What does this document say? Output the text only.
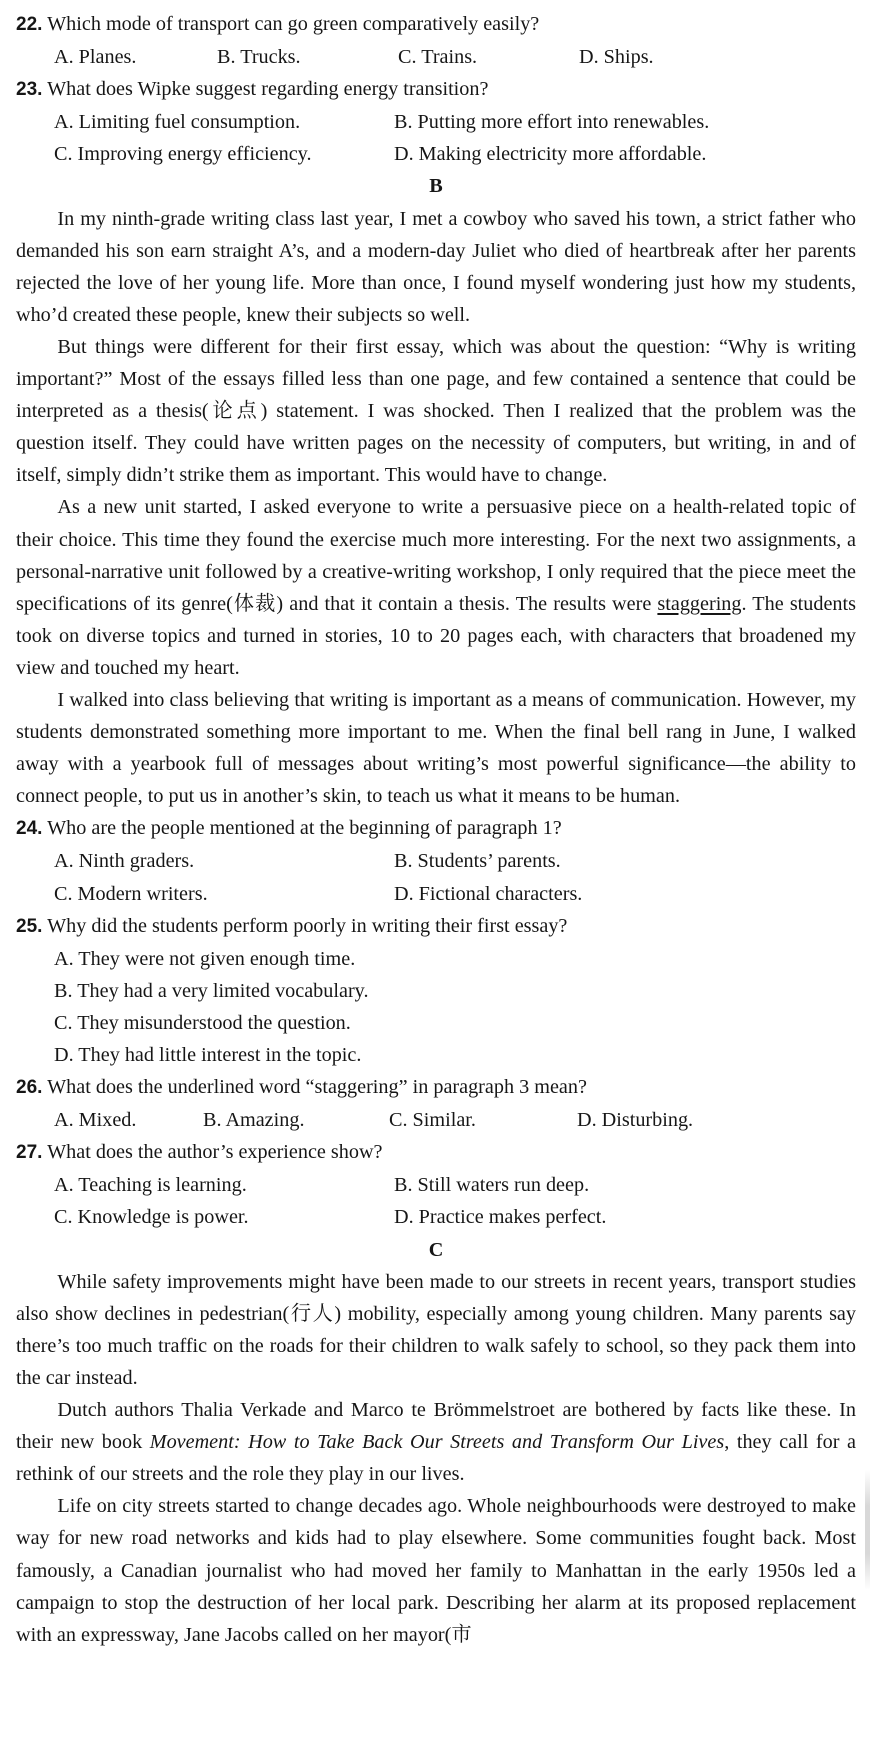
22. Which mode of transport can go green comparatively easily?

A. Planes.	B. Trucks.	C. Trains.	D. Ships.

23. What does Wipke suggest regarding energy transition?

A. Limiting fuel consumption.	B. Putting more effort into renewables.

C. Improving energy efficiency.	D. Making electricity more affordable.

B

In my ninth-grade writing class last year, I met a cowboy who saved his town, a strict father who demanded his son earn straight A’s, and a modern-day Juliet who died of heartbreak after her parents rejected the love of her young life. More than once, I found myself wondering just how my students, who’d created these people, knew their subjects so well.

But things were different for their first essay, which was about the question: “Why is writing important?” Most of the essays filled less than one page, and few contained a sentence that could be interpreted as a thesis(论点) statement. I was shocked. Then I realized that the problem was the question itself. They could have written pages on the necessity of computers, but writing, in and of itself, simply didn’t strike them as important. This would have to change.

As a new unit started, I asked everyone to write a persuasive piece on a health-related topic of their choice. This time they found the exercise much more interesting. For the next two assignments, a personal-narrative unit followed by a creative-writing workshop, I only required that the piece meet the specifications of its genre(体裁) and that it contain a thesis. The results were staggering. The students took on diverse topics and turned in stories, 10 to 20 pages each, with characters that broadened my view and touched my heart.

I walked into class believing that writing is important as a means of communication. However, my students demonstrated something more important to me. When the final bell rang in June, I walked away with a yearbook full of messages about writing’s most powerful significance—the ability to connect people, to put us in another’s skin, to teach us what it means to be human.

24. Who are the people mentioned at the beginning of paragraph 1?

A. Ninth graders.	B. Students’ parents.

C. Modern writers.	D. Fictional characters.

25. Why did the students perform poorly in writing their first essay?

A. They were not given enough time.

B. They had a very limited vocabulary.

C. They misunderstood the question.

D. They had little interest in the topic.

26. What does the underlined word “staggering” in paragraph 3 mean?

A. Mixed.	B. Amazing.	C. Similar.	D. Disturbing.

27. What does the author’s experience show?

A. Teaching is learning.	B. Still waters run deep.

C. Knowledge is power.	D. Practice makes perfect.

C

While safety improvements might have been made to our streets in recent years, transport studies also show declines in pedestrian(行人) mobility, especially among young children. Many parents say there’s too much traffic on the roads for their children to walk safely to school, so they pack them into the car instead.

Dutch authors Thalia Verkade and Marco te Brömmelstroet are bothered by facts like these. In their new book Movement: How to Take Back Our Streets and Transform Our Lives, they call for a rethink of our streets and the role they play in our lives.

Life on city streets started to change decades ago. Whole neighbourhoods were destroyed to make way for new road networks and kids had to play elsewhere. Some communities fought back. Most famously, a Canadian journalist who had moved her family to Manhattan in the early 1950s led a campaign to stop the destruction of her local park. Describing her alarm at its proposed replacement with an expressway, Jane Jacobs called on her mayor(市
